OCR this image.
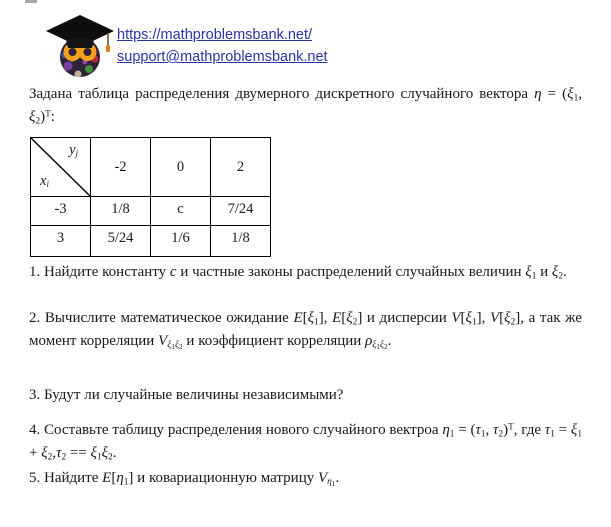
https://mathproblemsbank.net/
support@mathproblemsbank.net

Задана таблица распределения двумерного дискретного случайного вектора $\eta = (\xi_1$, $\xi_2)^T$:

$y_j$
$x_i$	-2	0	2
-3	1/8	c	7/24
3	5/24	1/6	1/8

1. Найдите константу c и частные законы распределений случайных величин $\xi_1$ и $\xi_2$.

2. Вычислите математическое ожидание $E[\xi_1]$, $E[\xi_2]$ и дисперсии $V[\xi_1]$, $V[\xi_2]$, а так же момент корреляции $V_{\xi_1\xi_2}$ и коэффициент корреляции $\rho_{\xi_1\xi_2}$.

3. Будут ли случайные величины независимыми?

4. Составьте таблицу распределения нового случайного вектроа $\eta_1 = (\tau_1$, $\tau_2)^T$, где $\tau_1 = \xi_1 + \xi_2,\tau_2 == \xi_1\xi_2$.

5. Найдите $E[\eta_1]$ и ковариационную матрицу $V_{\eta_1}$.
